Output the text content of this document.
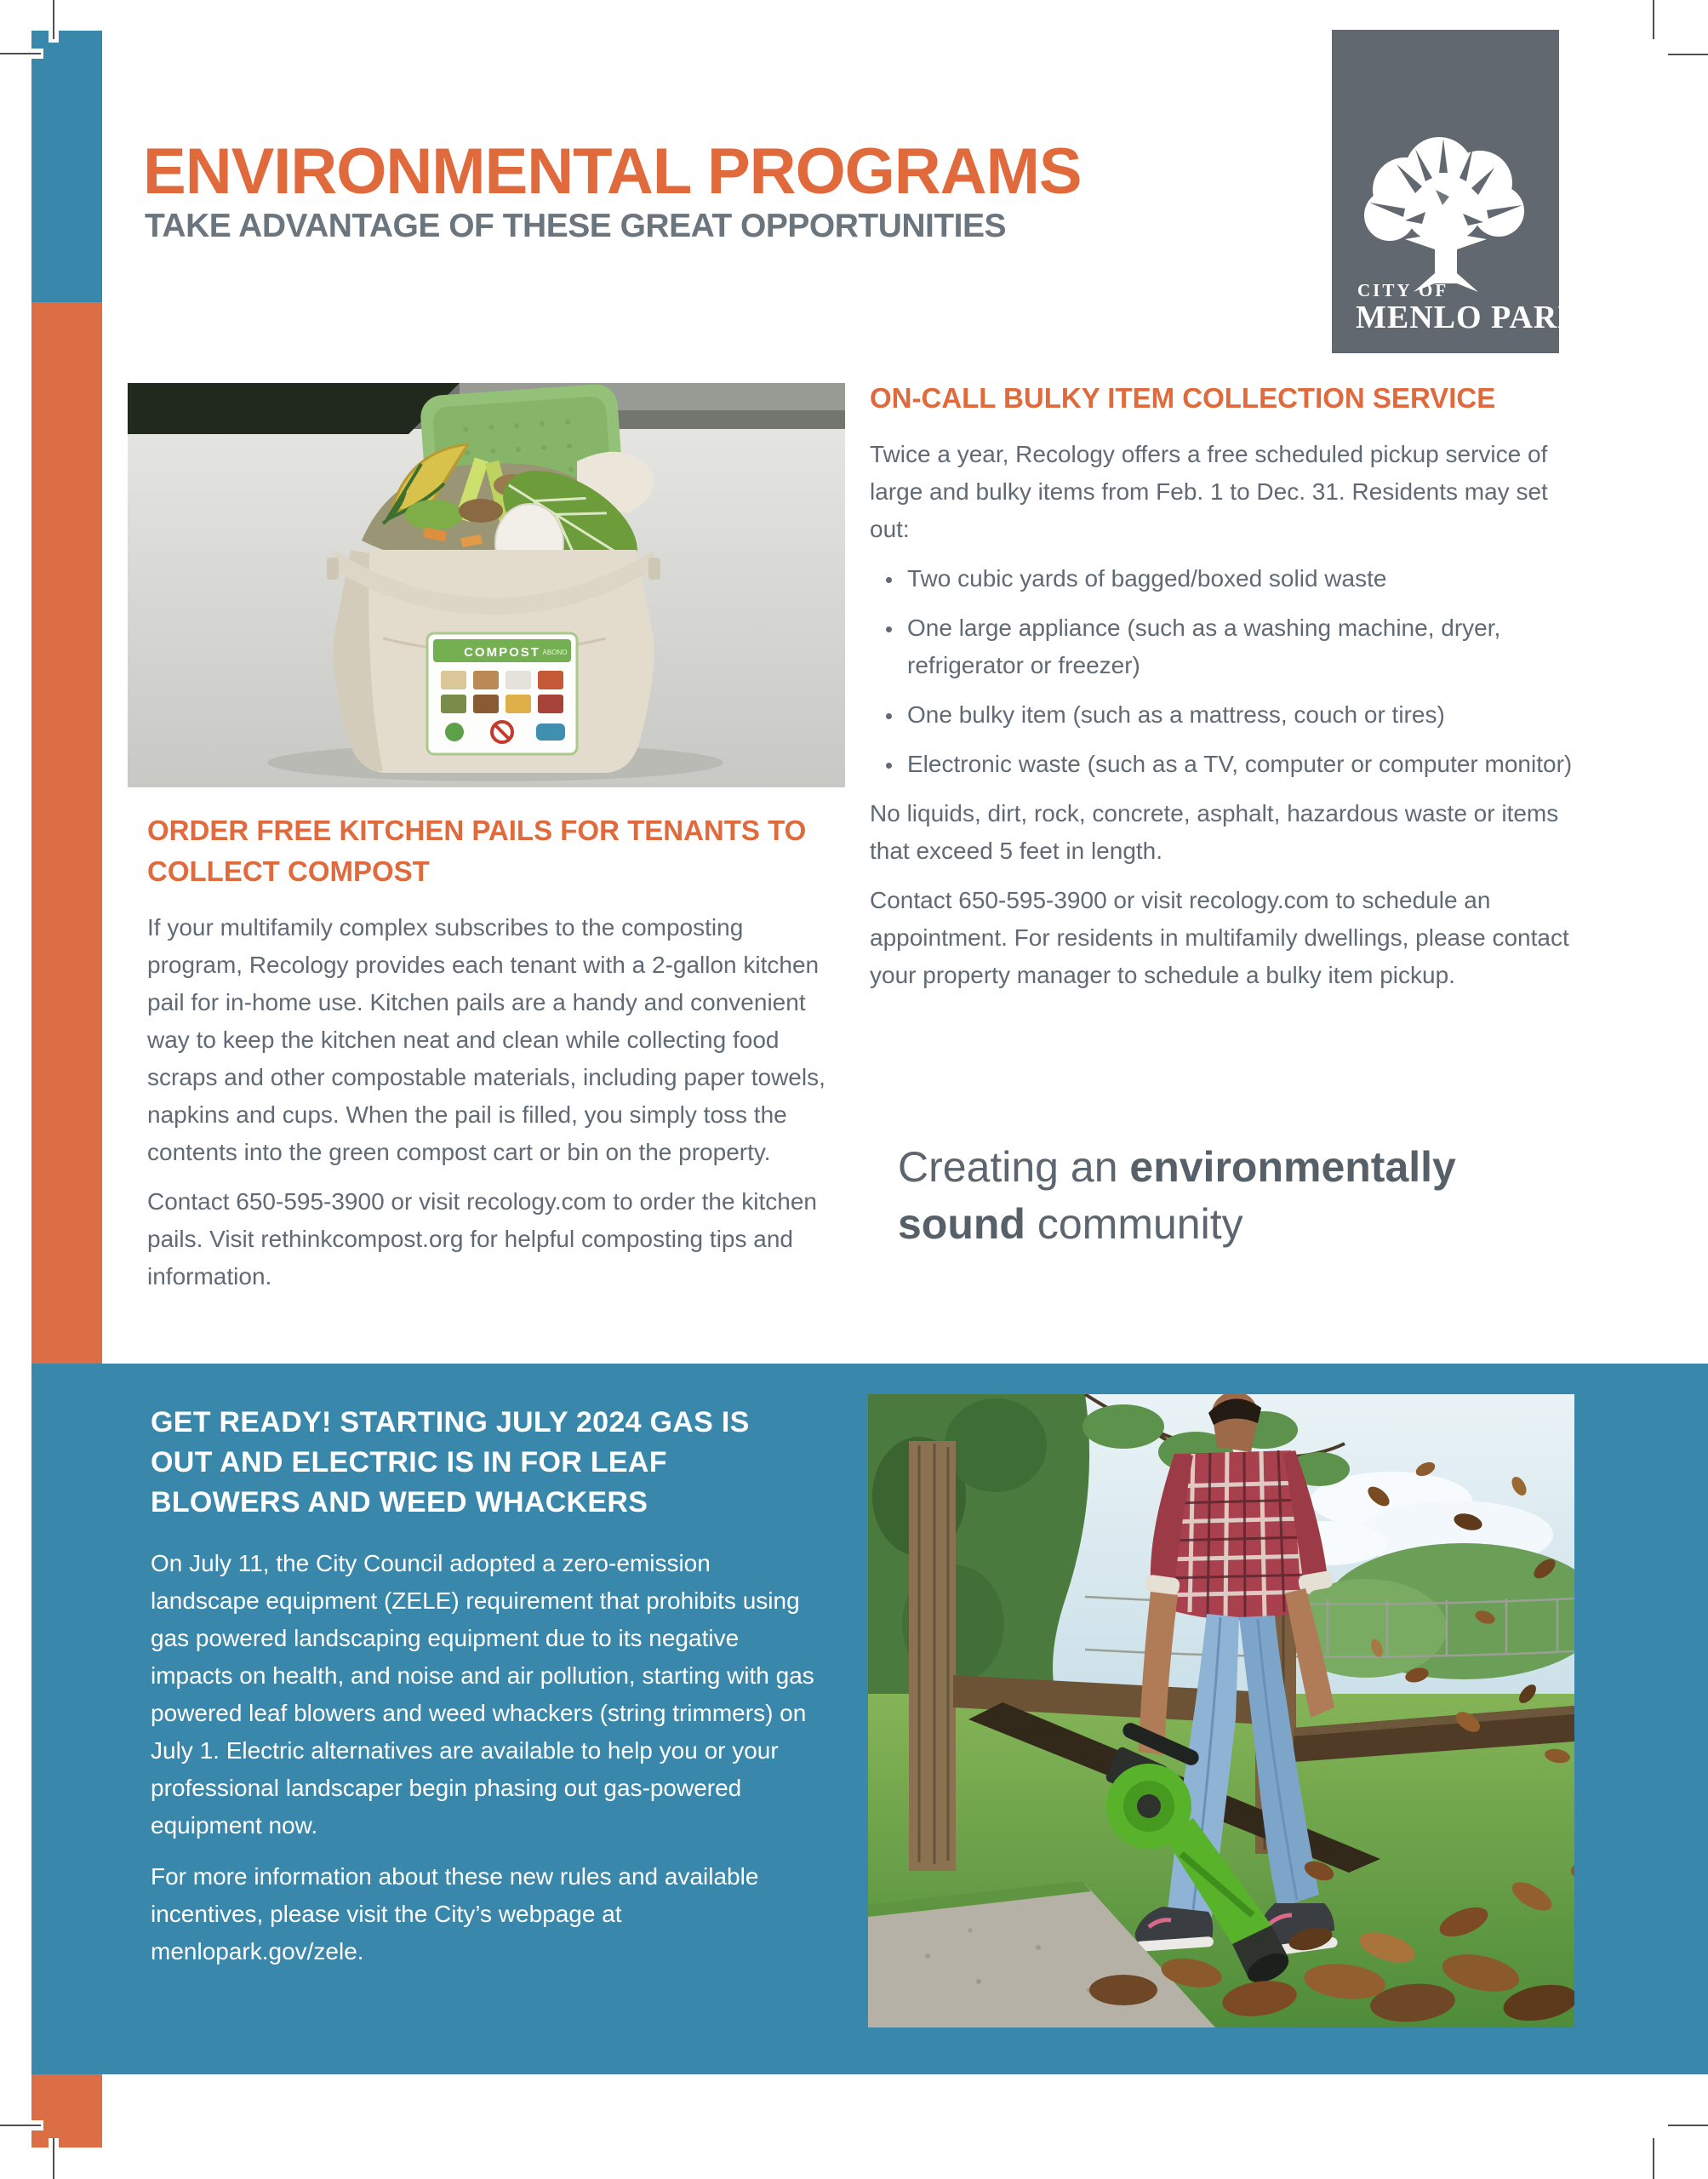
ENVIRONMENTAL PROGRAMS
TAKE ADVANTAGE OF THESE GREAT OPPORTUNITIES
CITY OF
MENLO PARK
COMPOST ABONO
ORDER FREE KITCHEN PAILS FOR TENANTS TO COLLECT COMPOST

If your multifamily complex subscribes to the composting program, Recology provides each tenant with a 2-gallon kitchen pail for in-home use. Kitchen pails are a handy and convenient way to keep the kitchen neat and clean while collecting food scraps and other compostable materials, including paper towels, napkins and cups. When the pail is filled, you simply toss the contents into the green compost cart or bin on the property.

Contact 650-595-3900 or visit recology.com to order the kitchen pails. Visit rethinkcompost.org for helpful composting tips and information.

ON-CALL BULKY ITEM COLLECTION SERVICE

Twice a year, Recology offers a free scheduled pickup service of large and bulky items from Feb. 1 to Dec. 31. Residents may set out:

• Two cubic yards of bagged/boxed solid waste
• One large appliance (such as a washing machine, dryer, refrigerator or freezer)
• One bulky item (such as a mattress, couch or tires)
• Electronic waste (such as a TV, computer or computer monitor)

No liquids, dirt, rock, concrete, asphalt, hazardous waste or items that exceed 5 feet in length.

Contact 650-595-3900 or visit recology.com to schedule an appointment. For residents in multifamily dwellings, please contact your property manager to schedule a bulky item pickup.

Creating an environmentally
sound community
GET READY! STARTING JULY 2024 GAS IS OUT AND ELECTRIC IS IN FOR LEAF BLOWERS AND WEED WHACKERS

On July 11, the City Council adopted a zero-emission landscape equipment (ZELE) requirement that prohibits using gas powered landscaping equipment due to its negative impacts on health, and noise and air pollution, starting with gas powered leaf blowers and weed whackers (string trimmers) on July 1. Electric alternatives are available to help you or your professional landscaper begin phasing out gas-powered equipment now.

For more information about these new rules and available incentives, please visit the City’s webpage at menlopark.gov/zele.
